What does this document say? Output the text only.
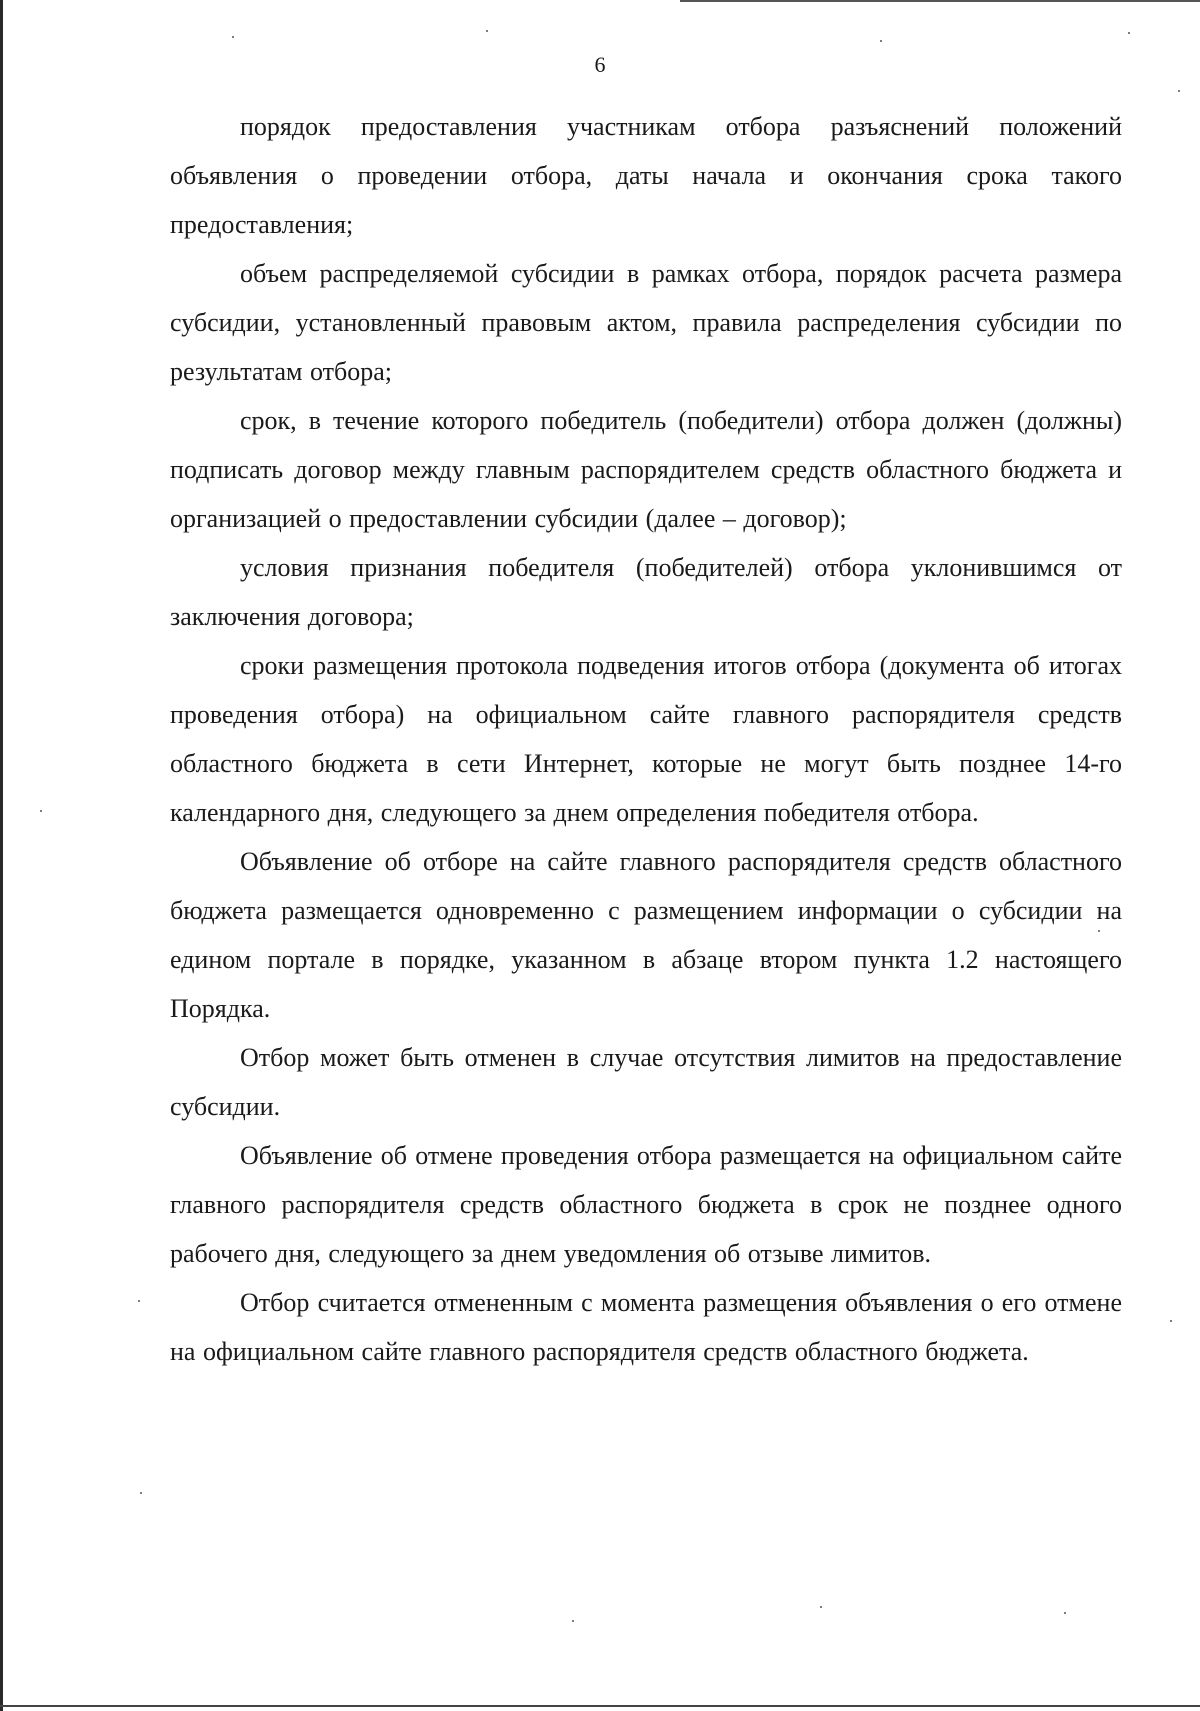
6

порядок предоставления участникам отбора разъяснений положений объявления о проведении отбора, даты начала и окончания срока такого предоставления;

объем распределяемой субсидии в рамках отбора, порядок расчета размера субсидии, установленный правовым актом, правила распределения субсидии по результатам отбора;

срок, в течение которого победитель (победители) отбора должен (должны) подписать договор между главным распорядителем средств областного бюджета и организацией о предоставлении субсидии (далее – договор);

условия признания победителя (победителей) отбора уклонившимся от заключения договора;

сроки размещения протокола подведения итогов отбора (документа об итогах проведения отбора) на официальном сайте главного распорядителя средств областного бюджета в сети Интернет, которые не могут быть позднее 14-го календарного дня, следующего за днем определения победителя отбора.

Объявление об отборе на сайте главного распорядителя средств областного бюджета размещается одновременно с размещением информации о субсидии на едином портале в порядке, указанном в абзаце втором пункта 1.2 настоящего Порядка.

Отбор может быть отменен в случае отсутствия лимитов на предоставление субсидии.

Объявление об отмене проведения отбора размещается на официальном сайте главного распорядителя средств областного бюджета в срок не позднее одного рабочего дня, следующего за днем уведомления об отзыве лимитов.

Отбор считается отмененным с момента размещения объявления о его отмене на официальном сайте главного распорядителя средств областного бюджета.
